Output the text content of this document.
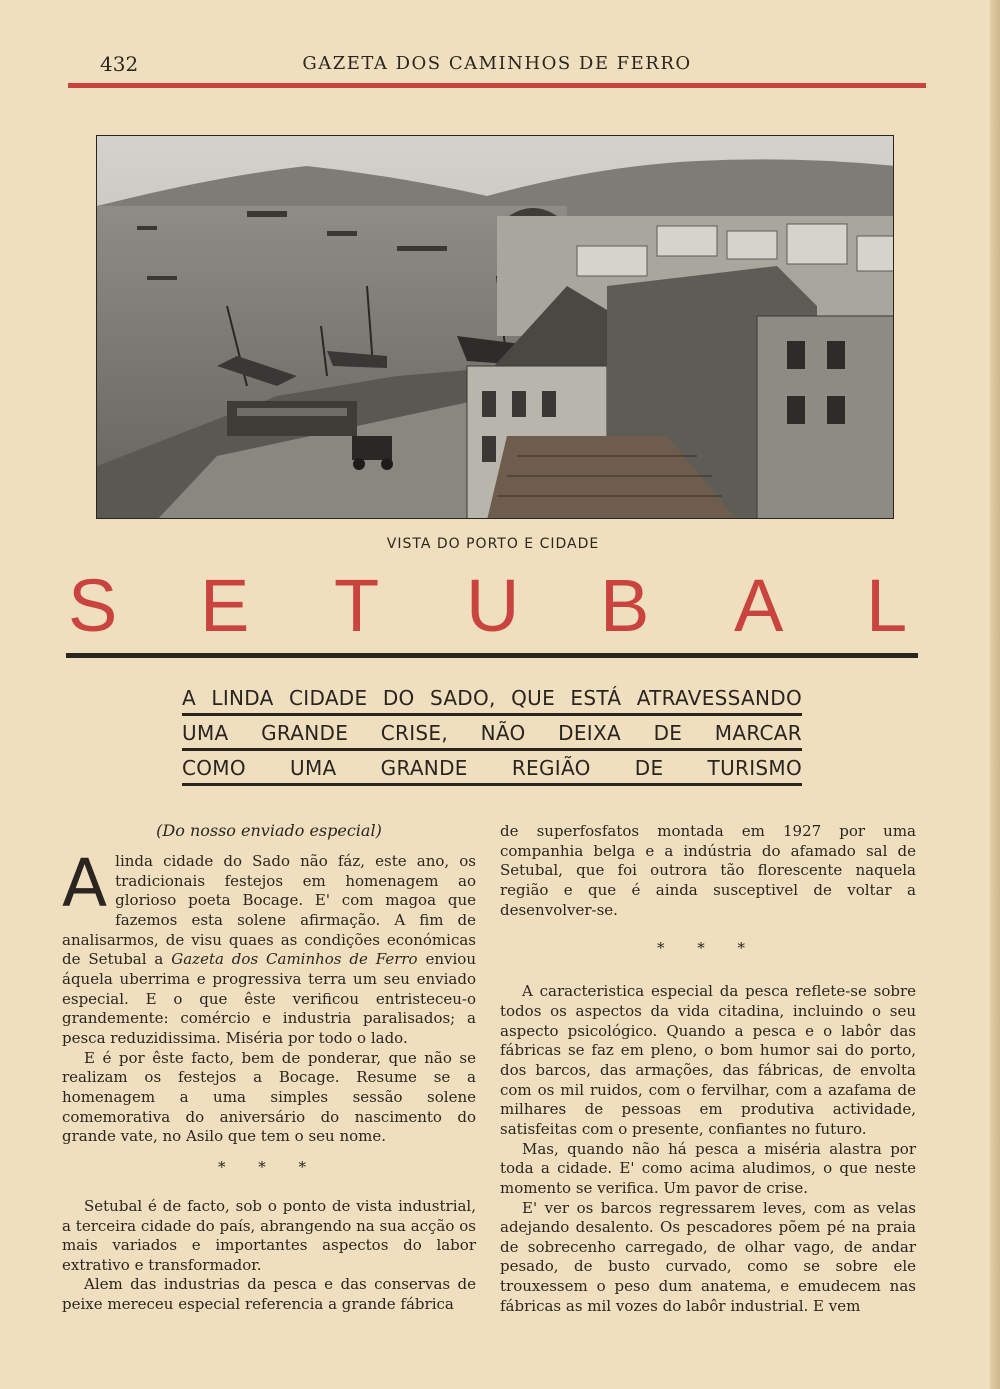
432	GAZETA DOS CAMINHOS DE FERRO
VISTA DO PORTO E CIDADE
S E T U B A L
A LINDA CIDADE DO SADO, QUE ESTÁ ATRAVESSANDO
UMA GRANDE CRISE, NÃO DEIXA DE MARCAR
COMO UMA GRANDE REGIÃO DE TURISMO
(Do nosso enviado especial)

A linda cidade do Sado não fáz, este ano, os tradicionais festejos em homenagem ao glorioso poeta Bocage. E' com magoa que fazemos esta solene afirmação. A fim de analisarmos, de visu quaes as condições económicas de Setubal a Gazeta dos Caminhos de Ferro enviou áquela uberrima e progressiva terra um seu enviado especial. E o que êste verificou entristeceu-o grandemente: comércio e industria paralisados; a pesca reduzidissima. Miséria por todo o lado.

E é por êste facto, bem de ponderar, que não se realizam os festejos a Bocage. Resume se a homenagem a uma simples sessão solene comemorativa do aniversário do nascimento do grande vate, no Asilo que tem o seu nome.

* * *

Setubal é de facto, sob o ponto de vista industrial, a terceira cidade do país, abrangendo na sua acção os mais variados e importantes aspectos do labor extrativo e transformador.

Alem das industrias da pesca e das conservas de peixe mereceu especial referencia a grande fábrica

de superfosfatos montada em 1927 por uma companhia belga e a indústria do afamado sal de Setubal, que foi outrora tão florescente naquela região e que é ainda susceptivel de voltar a desenvolver-se.

* * *

A caracteristica especial da pesca reflete-se sobre todos os aspectos da vida citadina, incluindo o seu aspecto psicológico. Quando a pesca e o labôr das fábricas se faz em pleno, o bom humor sai do porto, dos barcos, das armações, das fábricas, de envolta com os mil ruidos, com o fervilhar, com a azafama de milhares de pessoas em produtiva actividade, satisfeitas com o presente, confiantes no futuro.

Mas, quando não há pesca a miséria alastra por toda a cidade. E' como acima aludimos, o que neste momento se verifica. Um pavor de crise.

E' ver os barcos regressarem leves, com as velas adejando desalento. Os pescadores põem pé na praia de sobrecenho carregado, de olhar vago, de andar pesado, de busto curvado, como se sobre ele trouxessem o peso dum anatema, e emudecem nas fábricas as mil vozes do labôr industrial. E vem
